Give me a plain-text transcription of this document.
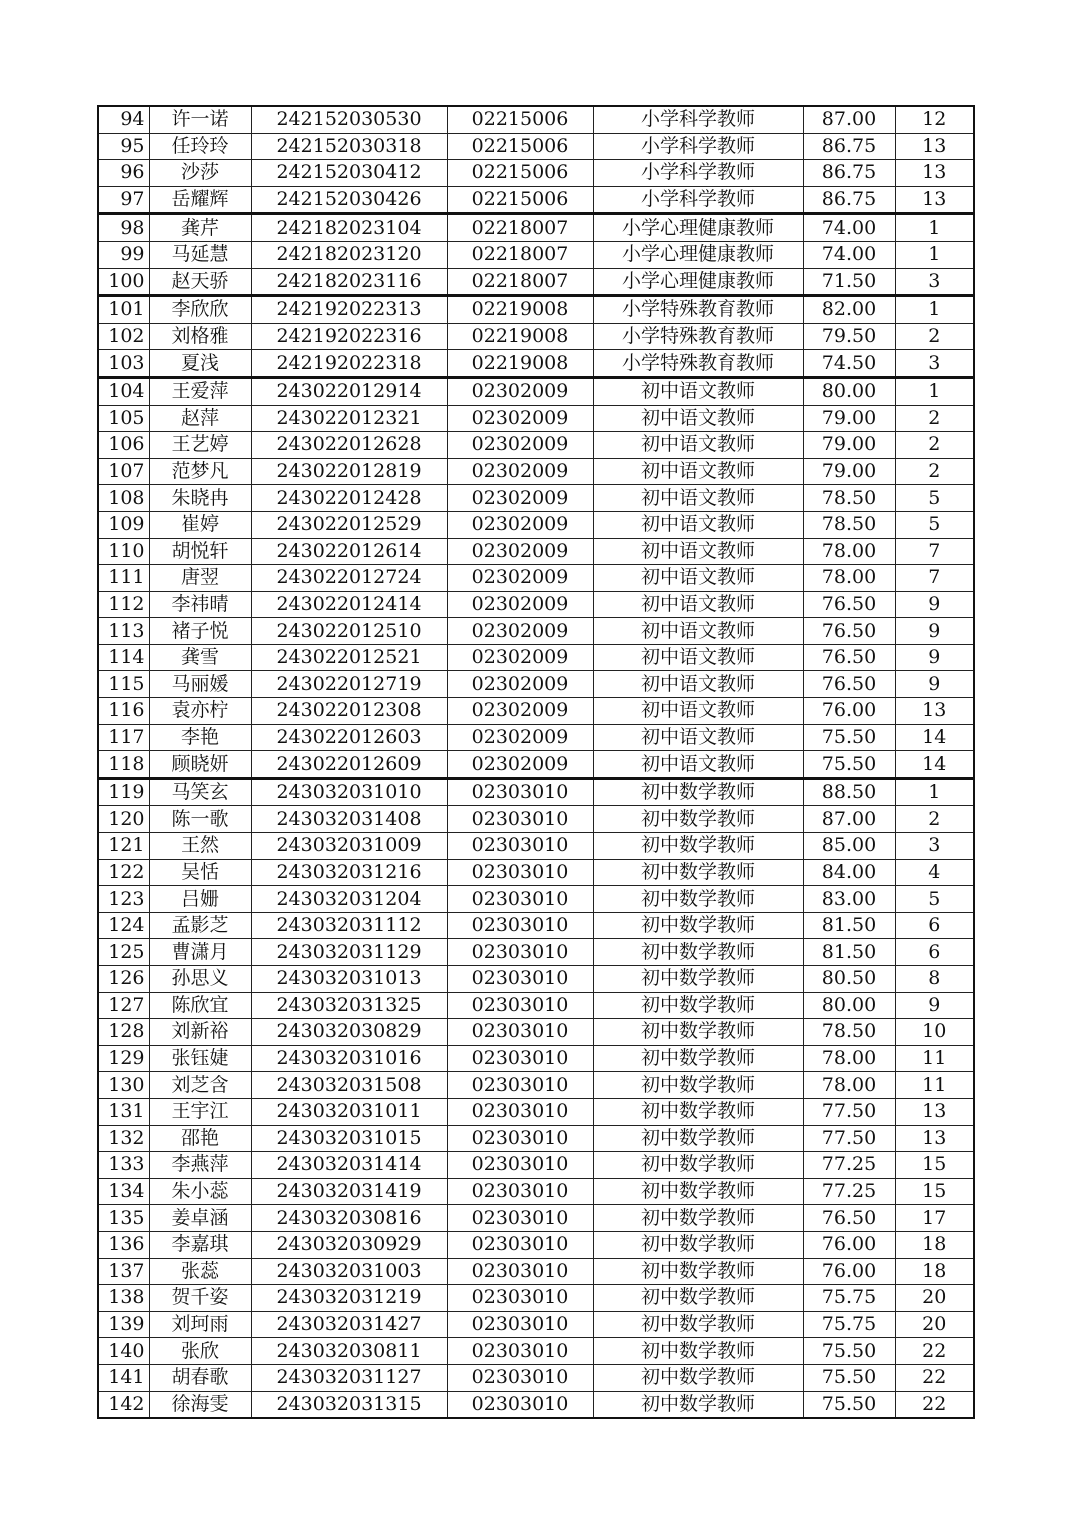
94	许一诺	242152030530	02215006	小学科学教师	87.00	12
95	任玲玲	242152030318	02215006	小学科学教师	86.75	13
96	沙莎	242152030412	02215006	小学科学教师	86.75	13
97	岳耀辉	242152030426	02215006	小学科学教师	86.75	13
98	龚芹	242182023104	02218007	小学心理健康教师	74.00	1
99	马延慧	242182023120	02218007	小学心理健康教师	74.00	1
100	赵天骄	242182023116	02218007	小学心理健康教师	71.50	3
101	李欣欣	242192022313	02219008	小学特殊教育教师	82.00	1
102	刘格雅	242192022316	02219008	小学特殊教育教师	79.50	2
103	夏浅	242192022318	02219008	小学特殊教育教师	74.50	3
104	王爱萍	243022012914	02302009	初中语文教师	80.00	1
105	赵萍	243022012321	02302009	初中语文教师	79.00	2
106	王艺婷	243022012628	02302009	初中语文教师	79.00	2
107	范梦凡	243022012819	02302009	初中语文教师	79.00	2
108	朱晓冉	243022012428	02302009	初中语文教师	78.50	5
109	崔婷	243022012529	02302009	初中语文教师	78.50	5
110	胡悦轩	243022012614	02302009	初中语文教师	78.00	7
111	唐翌	243022012724	02302009	初中语文教师	78.00	7
112	李祎晴	243022012414	02302009	初中语文教师	76.50	9
113	褚子悦	243022012510	02302009	初中语文教师	76.50	9
114	龚雪	243022012521	02302009	初中语文教师	76.50	9
115	马丽媛	243022012719	02302009	初中语文教师	76.50	9
116	袁亦柠	243022012308	02302009	初中语文教师	76.00	13
117	李艳	243022012603	02302009	初中语文教师	75.50	14
118	顾晓妍	243022012609	02302009	初中语文教师	75.50	14
119	马笑玄	243032031010	02303010	初中数学教师	88.50	1
120	陈一歌	243032031408	02303010	初中数学教师	87.00	2
121	王然	243032031009	02303010	初中数学教师	85.00	3
122	吴恬	243032031216	02303010	初中数学教师	84.00	4
123	吕姗	243032031204	02303010	初中数学教师	83.00	5
124	孟影芝	243032031112	02303010	初中数学教师	81.50	6
125	曹潇月	243032031129	02303010	初中数学教师	81.50	6
126	孙思义	243032031013	02303010	初中数学教师	80.50	8
127	陈欣宜	243032031325	02303010	初中数学教师	80.00	9
128	刘新裕	243032030829	02303010	初中数学教师	78.50	10
129	张钰婕	243032031016	02303010	初中数学教师	78.00	11
130	刘芝含	243032031508	02303010	初中数学教师	78.00	11
131	王宇江	243032031011	02303010	初中数学教师	77.50	13
132	邵艳	243032031015	02303010	初中数学教师	77.50	13
133	李燕萍	243032031414	02303010	初中数学教师	77.25	15
134	朱小蕊	243032031419	02303010	初中数学教师	77.25	15
135	姜卓涵	243032030816	02303010	初中数学教师	76.50	17
136	李嘉琪	243032030929	02303010	初中数学教师	76.00	18
137	张蕊	243032031003	02303010	初中数学教师	76.00	18
138	贺千姿	243032031219	02303010	初中数学教师	75.75	20
139	刘珂雨	243032031427	02303010	初中数学教师	75.75	20
140	张欣	243032030811	02303010	初中数学教师	75.50	22
141	胡春歌	243032031127	02303010	初中数学教师	75.50	22
142	徐海雯	243032031315	02303010	初中数学教师	75.50	22
